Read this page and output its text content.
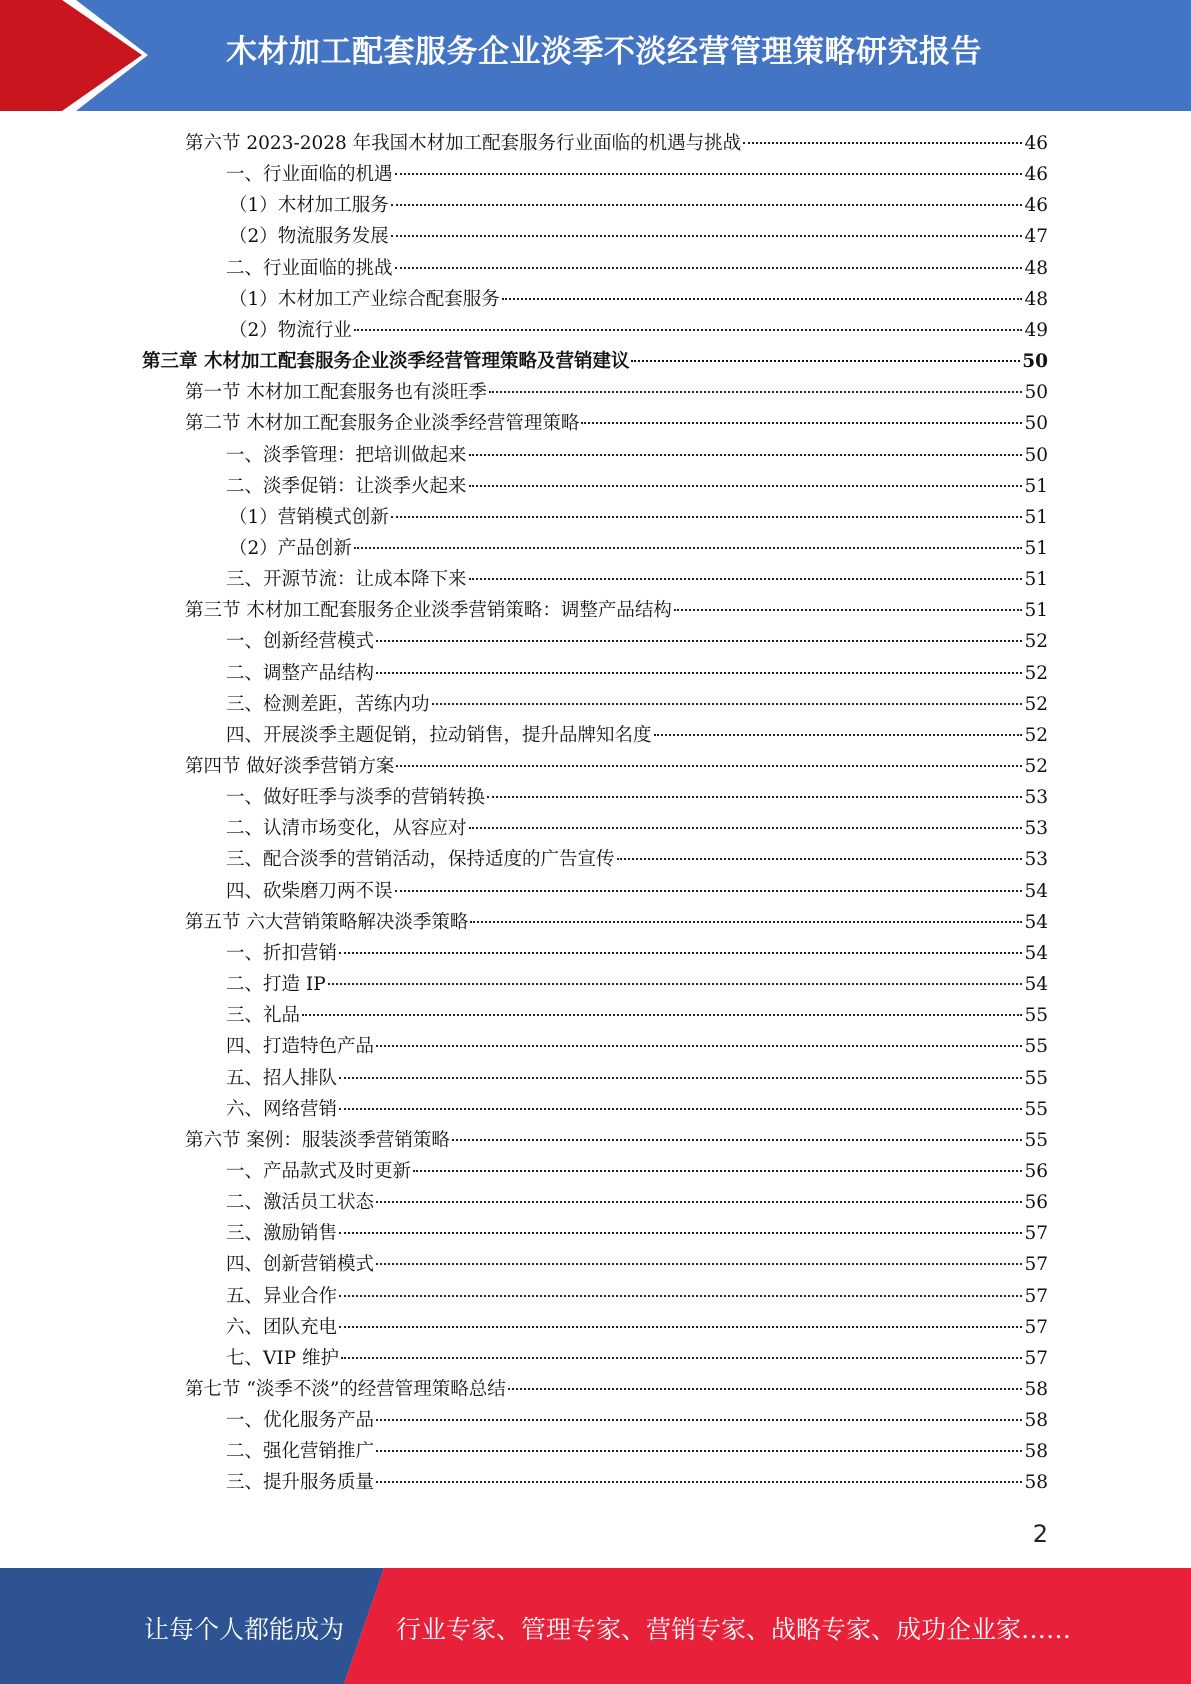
木材加工配套服务企业淡季不淡经营管理策略研究报告
第六节 2023-2028 年我国木材加工配套服务行业面临的机遇与挑战	46
一、行业面临的机遇	46
（1）木材加工服务	46
（2）物流服务发展	47
二、行业面临的挑战	48
（1）木材加工产业综合配套服务	48
（2）物流行业	49
第三章 木材加工配套服务企业淡季经营管理策略及营销建议	50
第一节 木材加工配套服务也有淡旺季	50
第二节 木材加工配套服务企业淡季经营管理策略	50
一、淡季管理：把培训做起来	50
二、淡季促销：让淡季火起来	51
（1）营销模式创新	51
（2）产品创新	51
三、开源节流：让成本降下来	51
第三节 木材加工配套服务企业淡季营销策略：调整产品结构	51
一、创新经营模式	52
二、调整产品结构	52
三、检测差距，苦练内功	52
四、开展淡季主题促销，拉动销售，提升品牌知名度	52
第四节 做好淡季营销方案	52
一、做好旺季与淡季的营销转换	53
二、认清市场变化，从容应对	53
三、配合淡季的营销活动，保持适度的广告宣传	53
四、砍柴磨刀两不误	54
第五节 六大营销策略解决淡季策略	54
一、折扣营销	54
二、打造 IP	54
三、礼品	55
四、打造特色产品	55
五、招人排队	55
六、网络营销	55
第六节 案例：服装淡季营销策略	55
一、产品款式及时更新	56
二、激活员工状态	56
三、激励销售	57
四、创新营销模式	57
五、异业合作	57
六、团队充电	57
七、VIP 维护	57
第七节 “淡季不淡”的经营管理策略总结	58
一、优化服务产品	58
二、强化营销推广	58
三、提升服务质量	58
2
让每个人都能成为 行业专家、管理专家、营销专家、战略专家、成功企业家……
